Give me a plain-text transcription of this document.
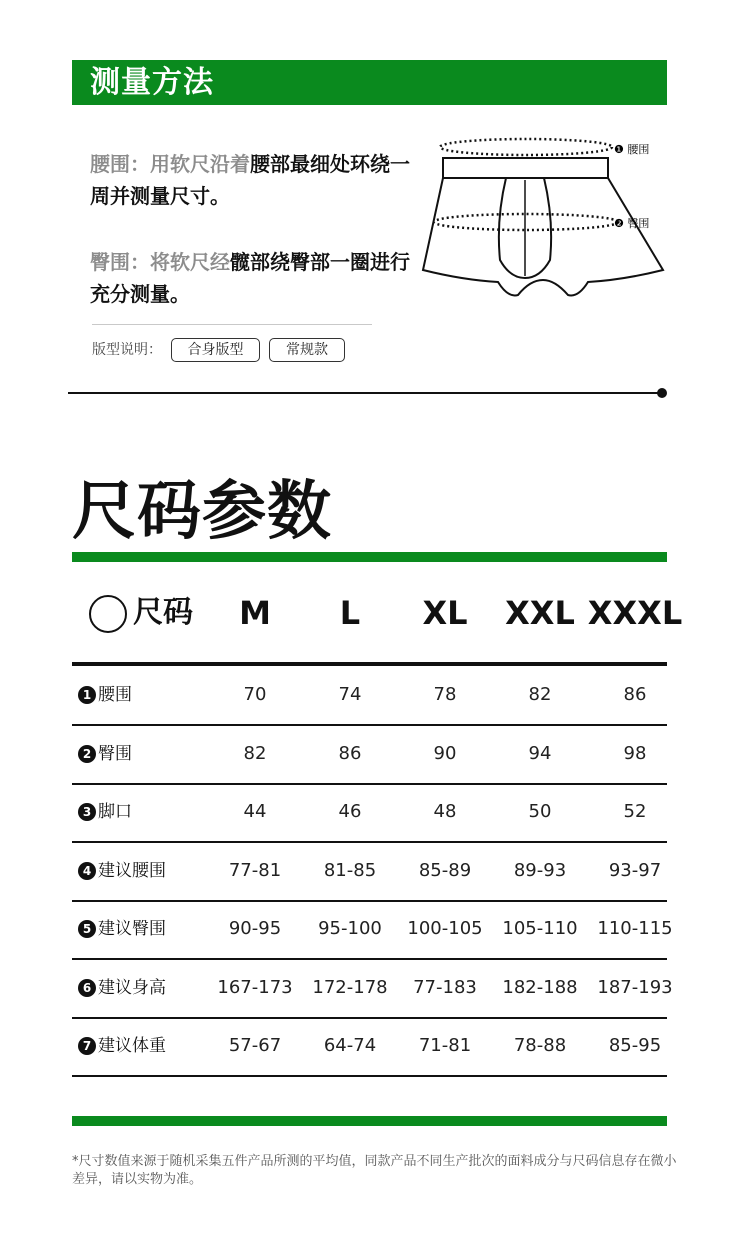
测量方法
腰围：用软尺沿着腰部最细处环绕一周并测量尺寸。
臀围：将软尺经髋部绕臀部一圈进行充分测量。
版型说明：	合身版型	常规款
❶ 腰围
❷ 臀围
尺码参数
尺码	M	L	XL	XXL XXXL
1 腰围	70	74	78	82	86
2 臀围	82	86	90	94	98
3 脚口	44	46	48	50	52
4 建议腰围	77-81	81-85	85-89	89-93	93-97
5 建议臀围	90-95	95-100	100-105	105-110	110-115
6 建议身高	167-173	172-178	77-183	182-188	187-193
7 建议体重	57-67	64-74	71-81	78-88	85-95
*尺寸数值来源于随机采集五件产品所测的平均值，同款产品不同生产批次的面料成分与尺码信息存在微小差异，请以实物为准。
